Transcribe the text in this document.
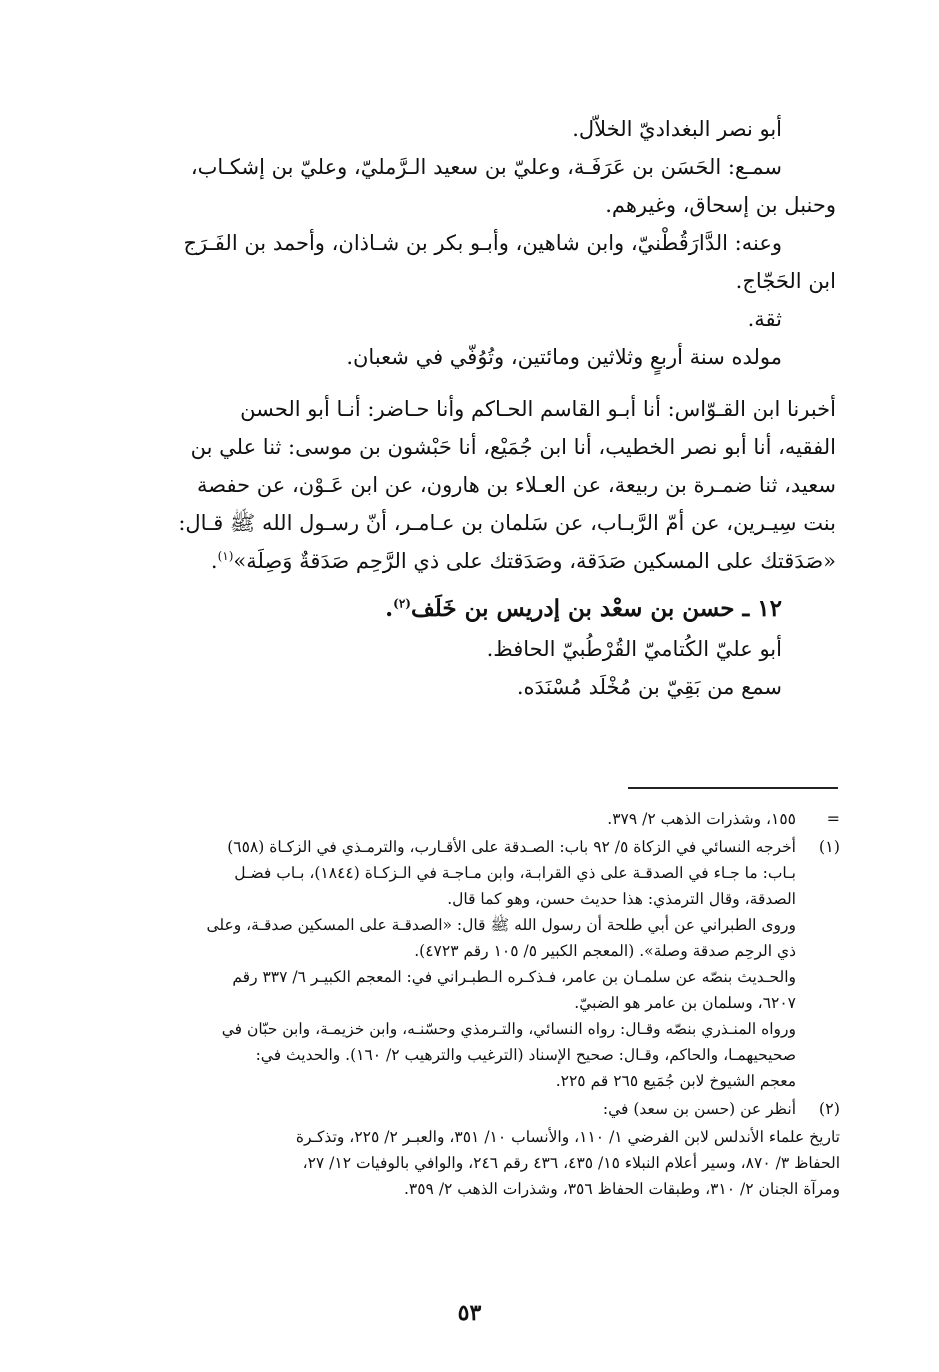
أبو نصر البغداديّ الخلاّل.

سمـع: الحَسَن بن عَرَفَـة، وعليّ بن سعيد الـرَّمليّ، وعليّ بن إشكـاب،

وحنبل بن إسحاق، وغيرهم.

وعنه: الدَّارَقُطْنيّ، وابن شاهين، وأبـو بكر بن شـاذان، وأحمد بن الفَـرَج

ابن الحَجّاج.

ثقة.

مولده سنة أربعٍ وثلاثين ومائتين، وتُوُفّي في شعبان.

أخبرنا ابن القـوّاس: أنا أبـو القاسم الحـاكم وأنا حـاضر: أنـا أبو الحسن

الفقيه، أنا أبو نصر الخطيب، أنا ابن جُمَيْع، أنا حَبْشون بن موسى: ثنا علي بن

سعيد، ثنا ضمـرة بن ربيعة، عن العـلاء بن هارون، عن ابن عَـوْن، عن حفصة

بنت سِيـرين، عن أمّ الرَّبـاب، عن سَلمان بن عـامـر، أنّ رسـول الله ﷺ قـال:

«صَدَقتك على المسكين صَدَقة، وصَدَقتك على ذي الرَّحِم صَدَقةٌ وَصِلَة»$^{(١)}$.

١٢ ـ حسن بن سعْد بن إدريس بن خَلَف$^{(٢)}$.

أبو عليّ الكُتاميّ القُرْطُبيّ الحافظ.

سمع من بَقِيّ بن مُخْلَد مُسْنَدَه.

=

١٥٥، وشذرات الذهب ٢/ ٣٧٩.

(١)

أخرجه النسائي في الزكاة ٥/ ٩٢ باب: الصـدقة على الأقـارب، والترمـذي في الزكـاة (٦٥٨)

بـاب: ما جـاء في الصدقـة على ذي القرابـة، وابن مـاجـة في الـزكـاة (١٨٤٤)، بـاب فضـل

الصدقة، وقال الترمذي: هذا حديث حسن، وهو كما قال.

وروى الطبراني عن أبي طلحة أن رسول الله ﷺ قال: «الصدقـة على المسكين صدقـة، وعلى

ذي الرحِم صدقة وصلة». (المعجم الكبير ٥/ ١٠٥ رقم ٤٧٢٣).

والحـديث بنصّه عن سلمـان بن عامر، فـذكـره الـطبـراني في: المعجم الكبيـر ٦/ ٣٣٧ رقم

٦٢٠٧، وسلمان بن عامر هو الضبيّ.

ورواه المنـذري بنصّه وقـال: رواه النسائي، والتـرمذي وحسّنـه، وابن خزيمـة، وابن حبّان في

صحيحيهمـا، والحاكم، وقـال: صحيح الإسناد (الترغيب والترهيب ٢/ ١٦٠). والحديث في:

معجم الشيوخ لابن جُمَيع ٢٦٥ قم ٢٢٥.

(٢)

أنظر عن (حسن بن سعد) في:

تاريخ علماء الأندلس لابن الفرضي ١/ ١١٠، والأنساب ١٠/ ٣٥١، والعبـر ٢/ ٢٢٥، وتذكـرة

الحفاظ ٣/ ٨٧٠، وسير أعلام النبلاء ١٥/ ٤٣٥، ٤٣٦ رقم ٢٤٦، والوافي بالوفيات ١٢/ ٢٧،

ومرآة الجنان ٢/ ٣١٠، وطبقات الحفاظ ٣٥٦، وشذرات الذهب ٢/ ٣٥٩.

٥٣
